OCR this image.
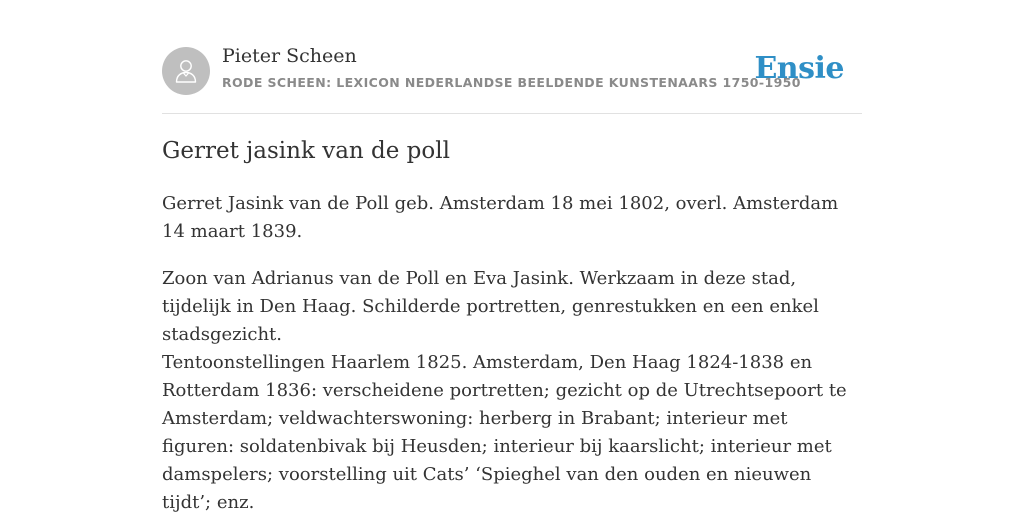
Pieter Scheen
RODE SCHEEN: LEXICON NEDERLANDSE BEELDENDE KUNSTENAARS 1750-1950
Ensie
Gerret jasink van de poll

Gerret Jasink van de Poll geb. Amsterdam 18 mei 1802, overl. Amsterdam 14 maart 1839.

Zoon van Adrianus van de Poll en Eva Jasink. Werkzaam in deze stad, tijdelijk in Den Haag. Schilderde portretten, genrestukken en een enkel stadsgezicht.

Tentoonstellingen Haarlem 1825. Amsterdam, Den Haag 1824-1838 en Rotterdam 1836: verscheidene portretten; gezicht op de Utrechtsepoort te Amsterdam; veldwachterswoning: herberg in Brabant; interieur met figuren: soldatenbivak bij Heusden; interieur bij kaarslicht; interieur met damspelers; voorstelling uit Cats’ ‘Spieghel van den ouden en nieuwen tijdt’; enz.
